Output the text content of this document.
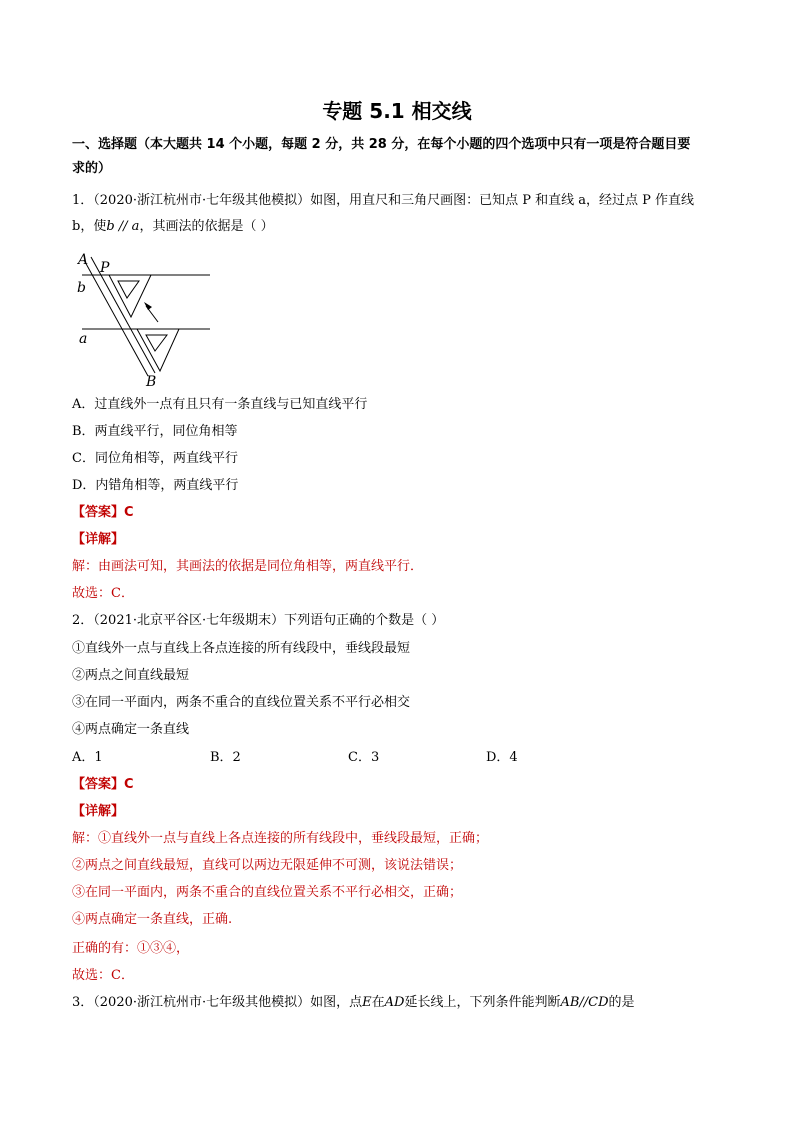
专题 5.1 相交线
一、选择题（本大题共 14 个小题，每题 2 分，共 28 分，在每个小题的四个选项中只有一项是符合题目要
求的）
1．（2020·浙江杭州市·七年级其他模拟）如图，用直尺和三角尺画图：已知点 P 和直线 a，经过点 P 作直线
b，使b // a，其画法的依据是（ ）
A P
b
a
B
A．过直线外一点有且只有一条直线与已知直线平行
B．两直线平行，同位角相等
C．同位角相等，两直线平行
D．内错角相等，两直线平行
【答案】C
【详解】
解：由画法可知，其画法的依据是同位角相等，两直线平行．
故选：C．
2．（2021·北京平谷区·七年级期末）下列语句正确的个数是（ ）
①直线外一点与直线上各点连接的所有线段中，垂线段最短
②两点之间直线最短
③在同一平面内，两条不重合的直线位置关系不平行必相交
④两点确定一条直线
A．1	B．2	C．3	D．4
【答案】C
【详解】
解：①直线外一点与直线上各点连接的所有线段中，垂线段最短，正确；
②两点之间直线最短，直线可以两边无限延伸不可测，该说法错误；
③在同一平面内，两条不重合的直线位置关系不平行必相交，正确；
④两点确定一条直线，正确.
正确的有：①③④，
故选：C．
3．（2020·浙江杭州市·七年级其他模拟）如图，点E在AD延长线上，下列条件能判断AB//CD的是
